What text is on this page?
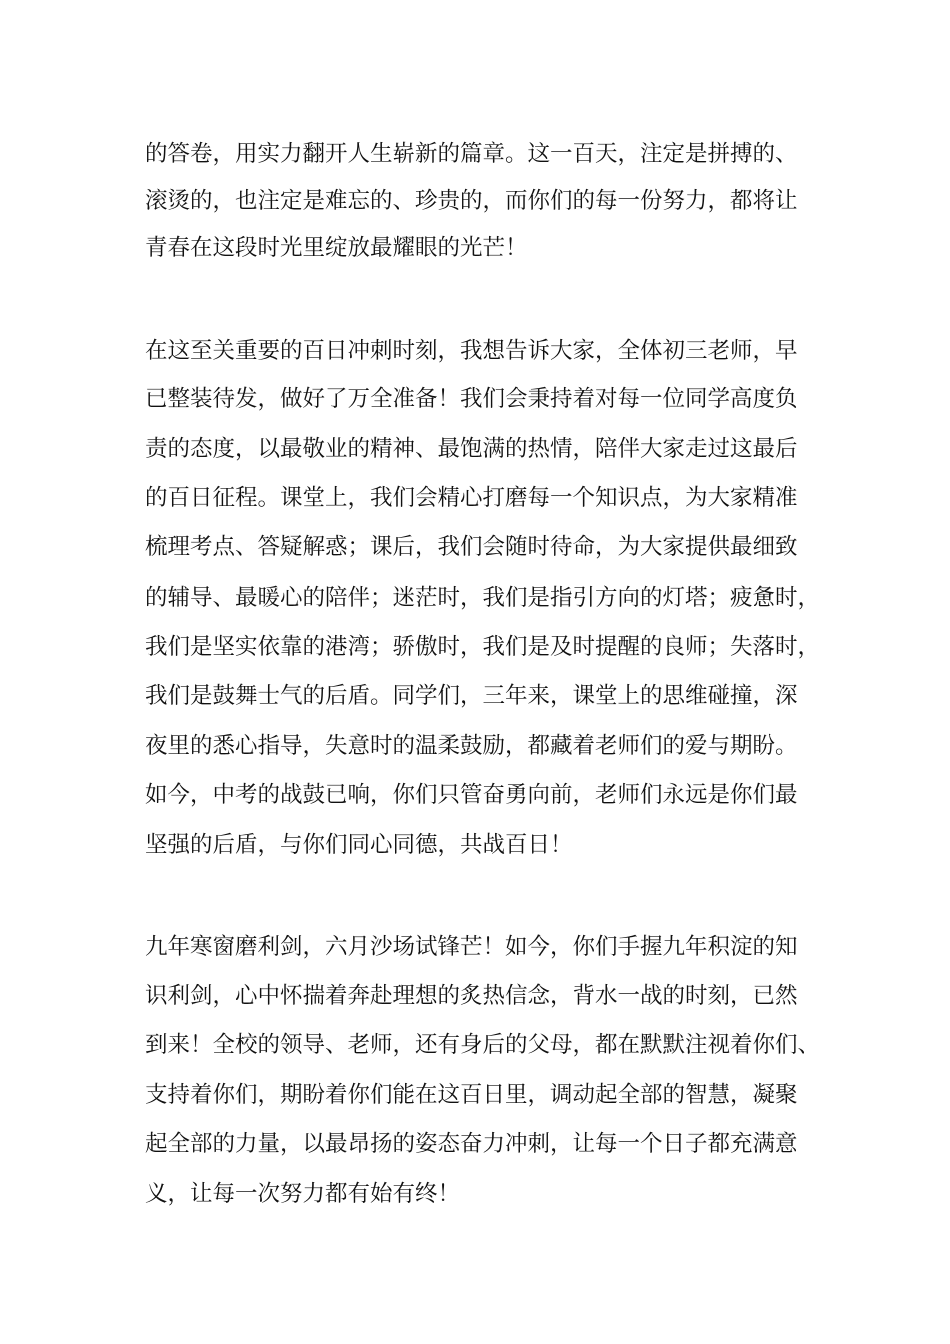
的答卷，用实力翻开人生崭新的篇章。这一百天，注定是拼搏的、
滚烫的，也注定是难忘的、珍贵的，而你们的每一份努力，都将让
青春在这段时光里绽放最耀眼的光芒！
在这至关重要的百日冲刺时刻，我想告诉大家，全体初三老师，早
已整装待发，做好了万全准备！我们会秉持着对每一位同学高度负
责的态度，以最敬业的精神、最饱满的热情，陪伴大家走过这最后
的百日征程。课堂上，我们会精心打磨每一个知识点，为大家精准
梳理考点、答疑解惑；课后，我们会随时待命，为大家提供最细致
的辅导、最暖心的陪伴；迷茫时，我们是指引方向的灯塔；疲惫时，
我们是坚实依靠的港湾；骄傲时，我们是及时提醒的良师；失落时，
我们是鼓舞士气的后盾。同学们，三年来，课堂上的思维碰撞，深
夜里的悉心指导，失意时的温柔鼓励，都藏着老师们的爱与期盼。
如今，中考的战鼓已响，你们只管奋勇向前，老师们永远是你们最
坚强的后盾，与你们同心同德，共战百日！
九年寒窗磨利剑，六月沙场试锋芒！如今，你们手握九年积淀的知
识利剑，心中怀揣着奔赴理想的炙热信念，背水一战的时刻，已然
到来！全校的领导、老师，还有身后的父母，都在默默注视着你们、
支持着你们，期盼着你们能在这百日里，调动起全部的智慧，凝聚
起全部的力量，以最昂扬的姿态奋力冲刺，让每一个日子都充满意
义，让每一次努力都有始有终！
